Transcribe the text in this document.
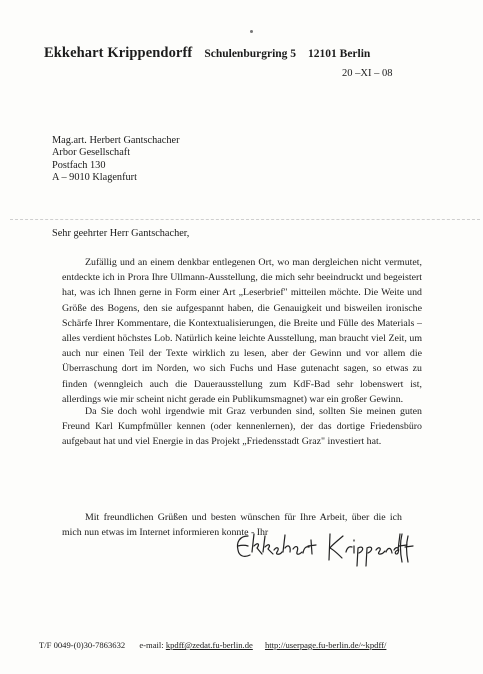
Ekkehart Krippendorff Schulenburgring 5 12101 Berlin
20 –XI – 08
Mag.art. Herbert Gantschacher
Arbor Gesellschaft
Postfach 130
A – 9010 Klagenfurt
Sehr geehrter Herr Gantschacher,

Zufällig und an einem denkbar entlegenen Ort, wo man dergleichen nicht vermutet, entdeckte ich in Prora Ihre Ullmann-Ausstellung, die mich sehr beeindruckt und begeistert hat, was ich Ihnen gerne in Form einer Art „Leserbrief" mitteilen möchte. Die Weite und Größe des Bogens, den sie aufgespannt haben, die Genauigkeit und bisweilen ironische Schärfe Ihrer Kommentare, die Kontextualisierungen, die Breite und Fülle des Materials – alles verdient höchstes Lob. Natürlich keine leichte Ausstellung, man braucht viel Zeit, um auch nur einen Teil der Texte wirklich zu lesen, aber der Gewinn und vor allem die Überraschung dort im Norden, wo sich Fuchs und Hase gutenacht sagen, so etwas zu finden (wenngleich auch die Dauerausstellung zum KdF-Bad sehr lobenswert ist, allerdings wie mir scheint nicht gerade ein Publikumsmagnet) war ein großer Gewinn.

Da Sie doch wohl irgendwie mit Graz verbunden sind, sollten Sie meinen guten Freund Karl Kumpfmüller kennen (oder kennenlernen), der das dortige Friedensbüro aufgebaut hat und viel Energie in das Projekt „Friedensstadt Graz" investiert hat.

Mit freundlichen Grüßen und besten wünschen für Ihre Arbeit, über die ich mich nun etwas im Internet informieren konnte - Ihr

T/F 0049-(0)30-7863632 e-mail: kpdff@zedat.fu-berlin.de http://userpage.fu-berlin.de/~kpdff/
